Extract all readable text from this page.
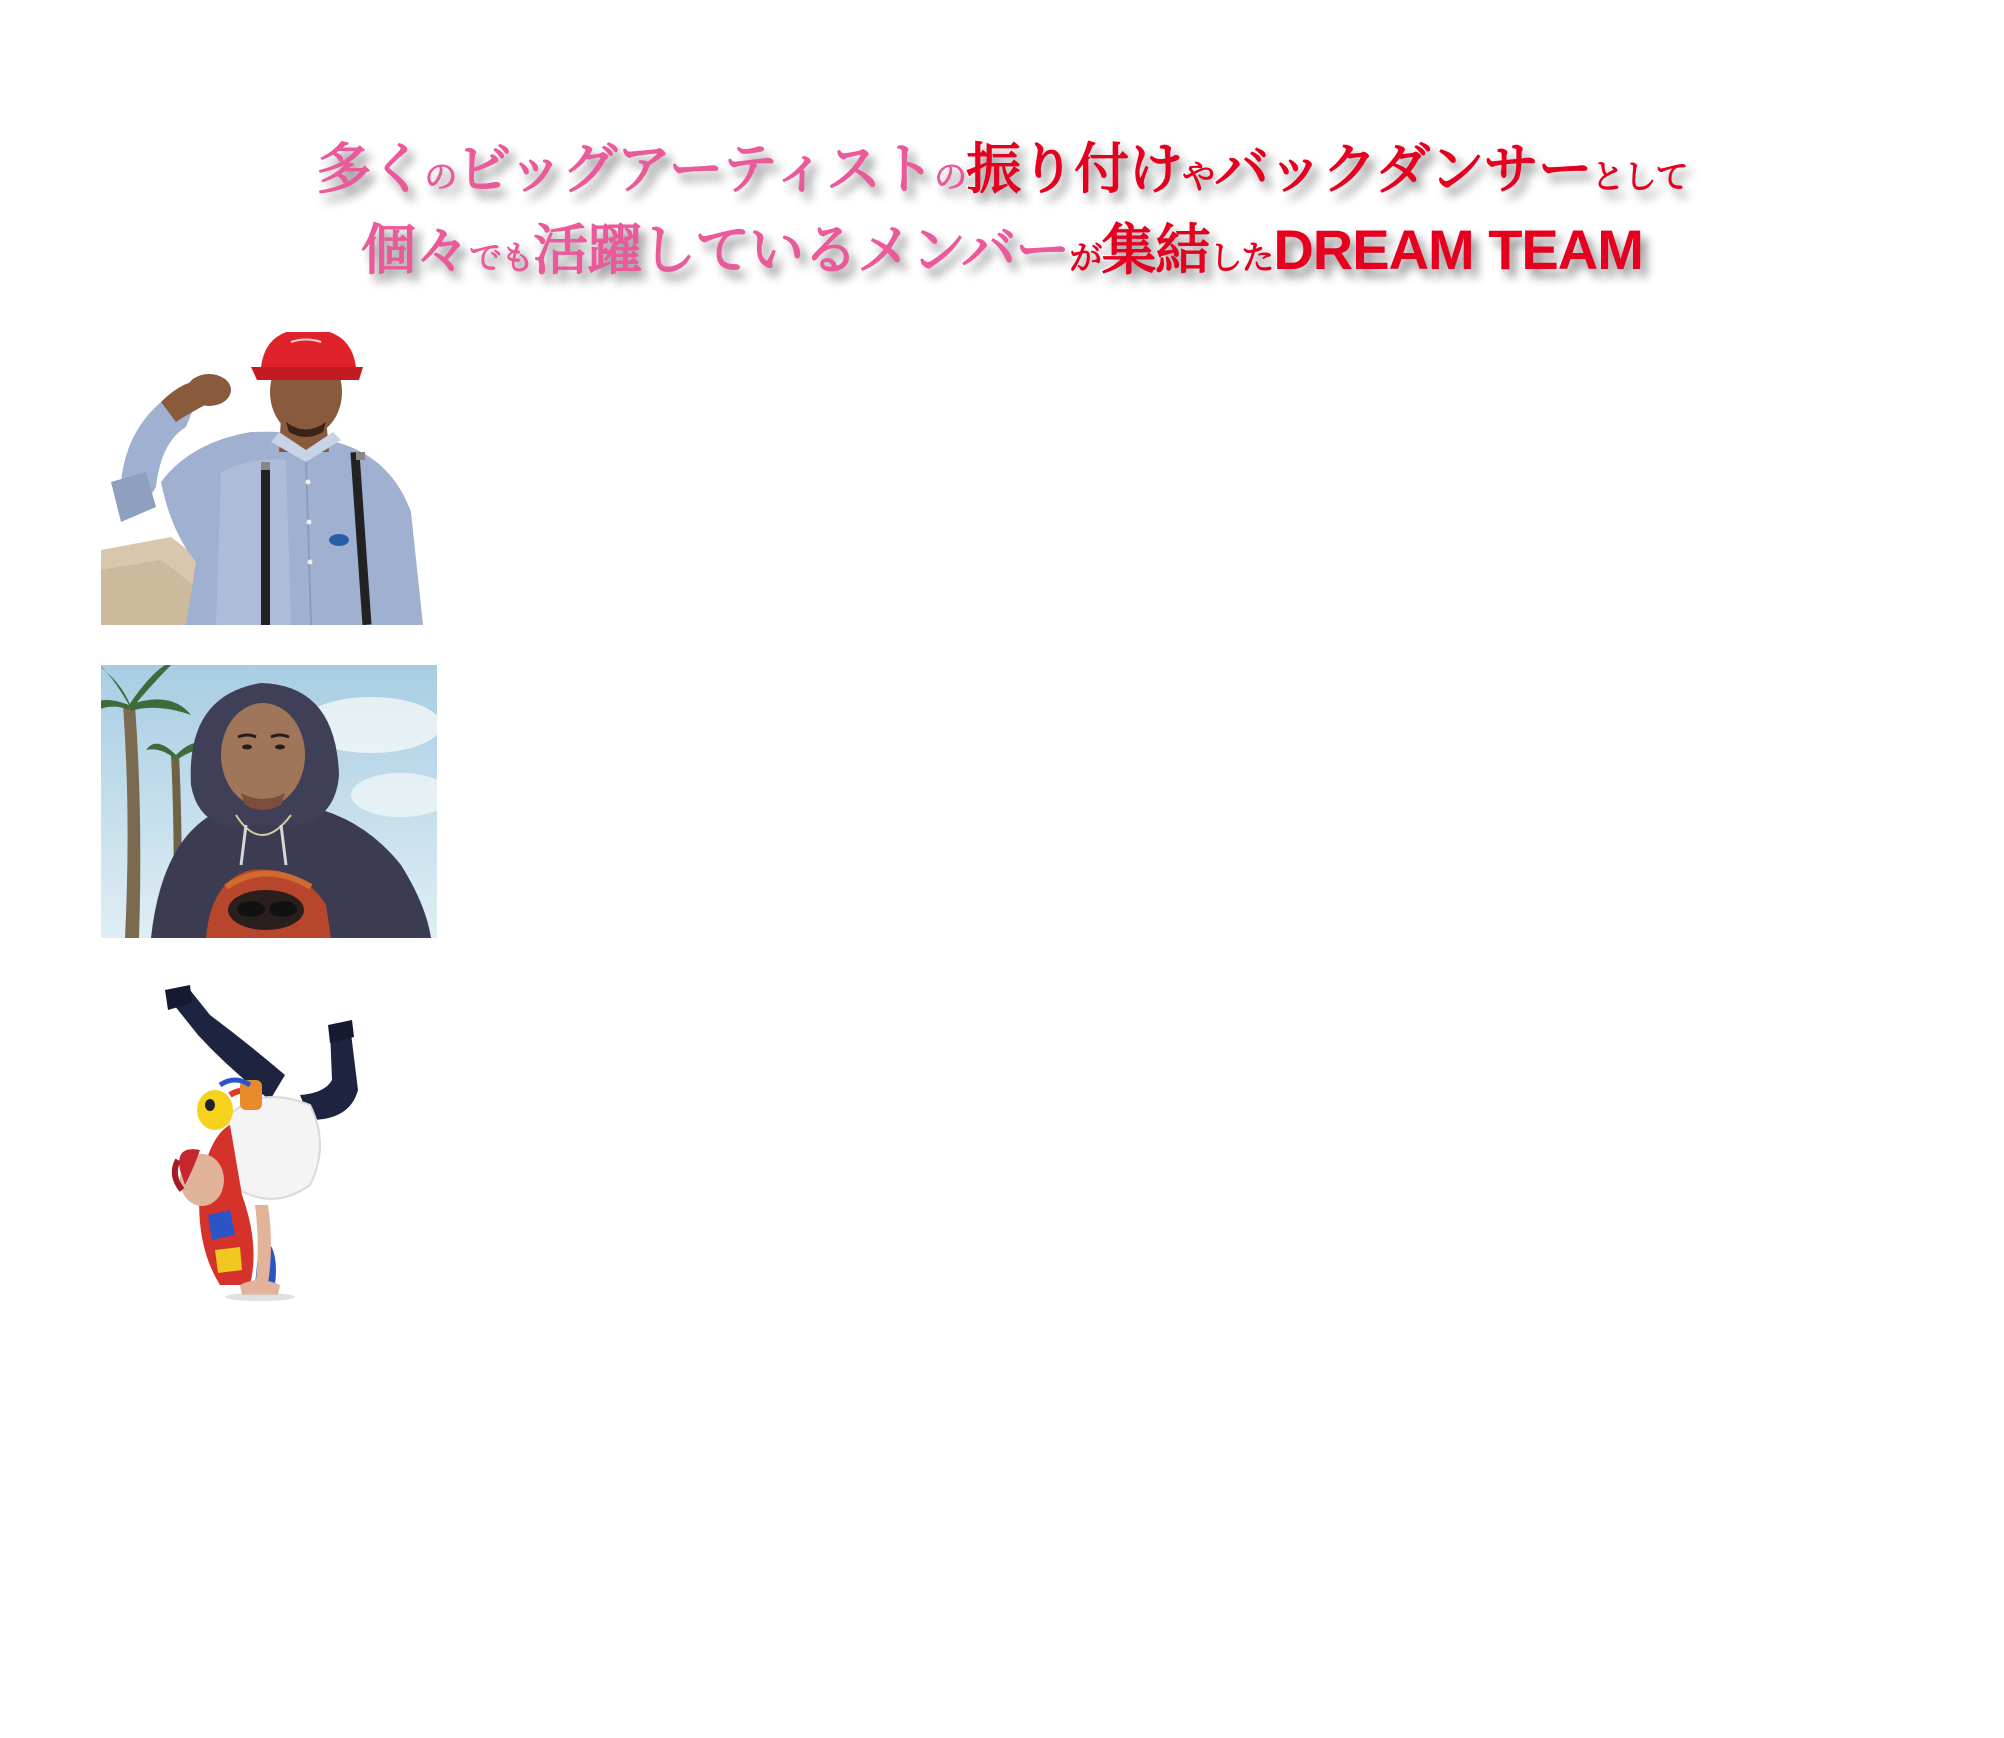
多くのビッグアーティストの振り付けやバックダンサーとして
個々でも活躍しているメンバーが集結したDREAM TEAM
